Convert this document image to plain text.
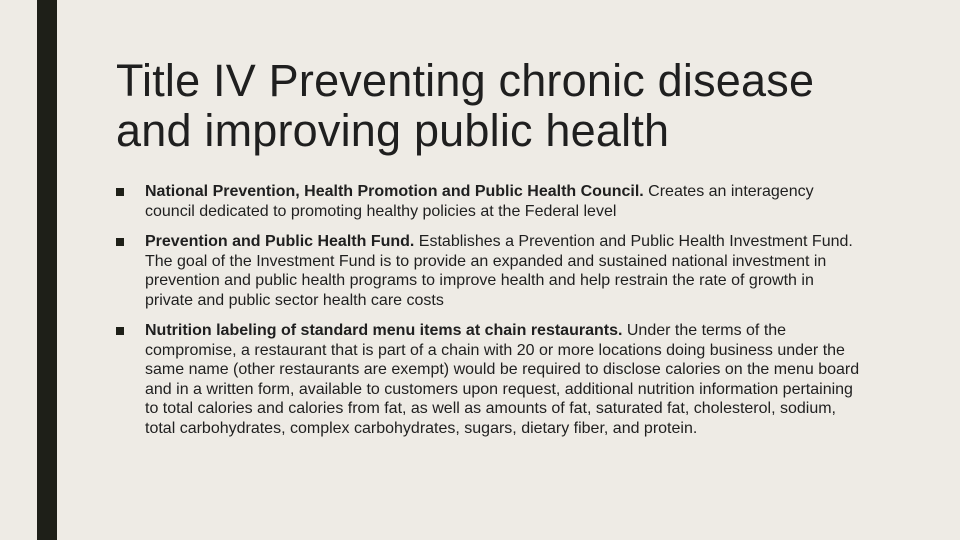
Title IV Preventing chronic disease and improving public health
National Prevention, Health Promotion and Public Health Council. Creates an interagency council dedicated to promoting healthy policies at the Federal level
Prevention and Public Health Fund. Establishes a Prevention and Public Health Investment Fund. The goal of the Investment Fund is to provide an expanded and sustained national investment in prevention and public health programs to improve health and help restrain the rate of growth in private and public sector health care costs
Nutrition labeling of standard menu items at chain restaurants. Under the terms of the compromise, a restaurant that is part of a chain with 20 or more locations doing business under the same name (other restaurants are exempt) would be required to disclose calories on the menu board and in a written form, available to customers upon request, additional nutrition information pertaining to total calories and calories from fat, as well as amounts of fat, saturated fat, cholesterol, sodium, total carbohydrates, complex carbohydrates, sugars, dietary fiber, and protein.
